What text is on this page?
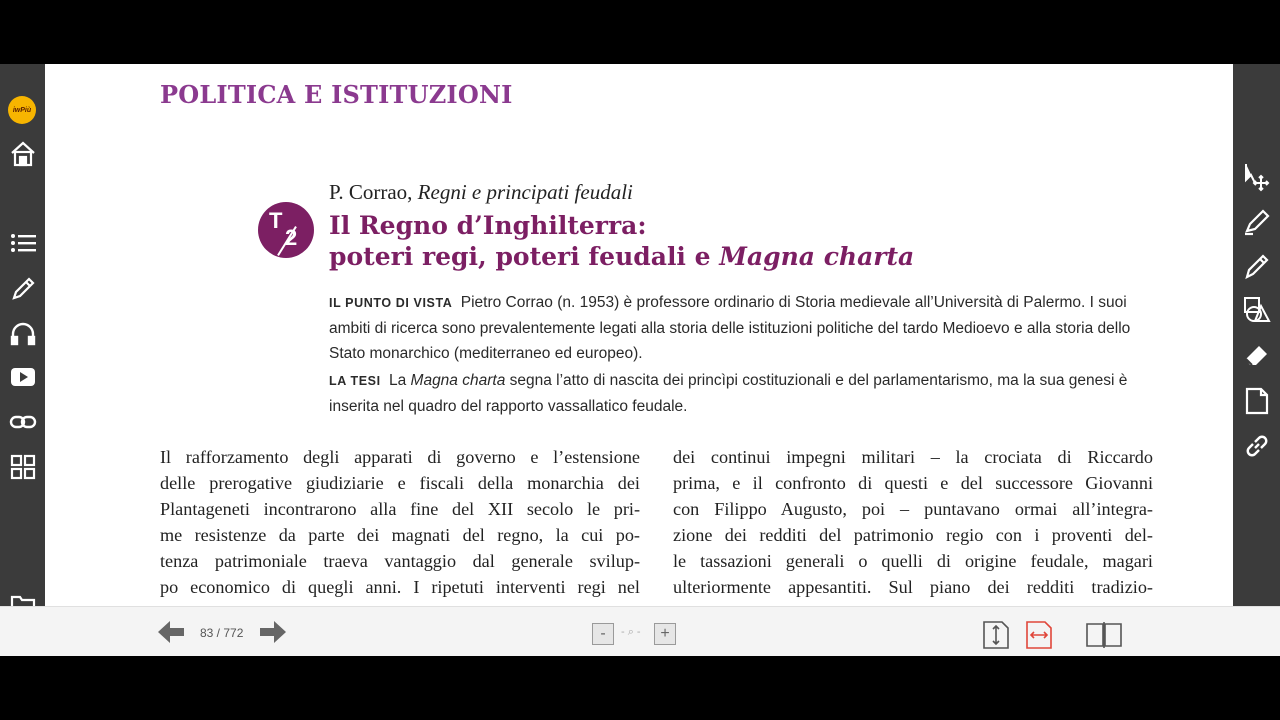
iwPiù
POLITICA E ISTITUZIONI
P. Corrao, Regni e principati feudali
T
2 Il Regno d’Inghilterra:
poteri regi, poteri feudali e Magna charta
IL PUNTO DI VISTA Pietro Corrao (n. 1953) è professore ordinario di Storia medievale all’Università di Palermo. I suoi ambiti di ricerca sono prevalentemente legati alla storia delle istituzioni politiche del tardo Medioevo e alla storia dello Stato monarchico (mediterraneo ed europeo).
LA TESI La Magna charta segna l’atto di nascita dei princìpi costituzionali e del parlamentarismo, ma la sua genesi è inserita nel quadro del rapporto vassallatico feudale.
Il rafforzamento degli apparati di governo e l’estensione
delle prerogative giudiziarie e fiscali della monarchia dei
Plantageneti incontrarono alla fine del XII secolo le pri-
me resistenze da parte dei magnati del regno, la cui po-
tenza patrimoniale traeva vantaggio dal generale svilup-
po economico di quegli anni. I ripetuti interventi regi nel
dei continui impegni militari – la crociata di Riccardo
prima, e il confronto di questi e del successore Giovanni
con Filippo Augusto, poi – puntavano ormai all’integra-
zione dei redditi del patrimonio regio con i proventi del-
le tassazioni generali o quelli di origine feudale, magari
ulteriormente appesantiti. Sul piano dei redditi tradizio-
83 / 772	-	- ⌕ -	+
